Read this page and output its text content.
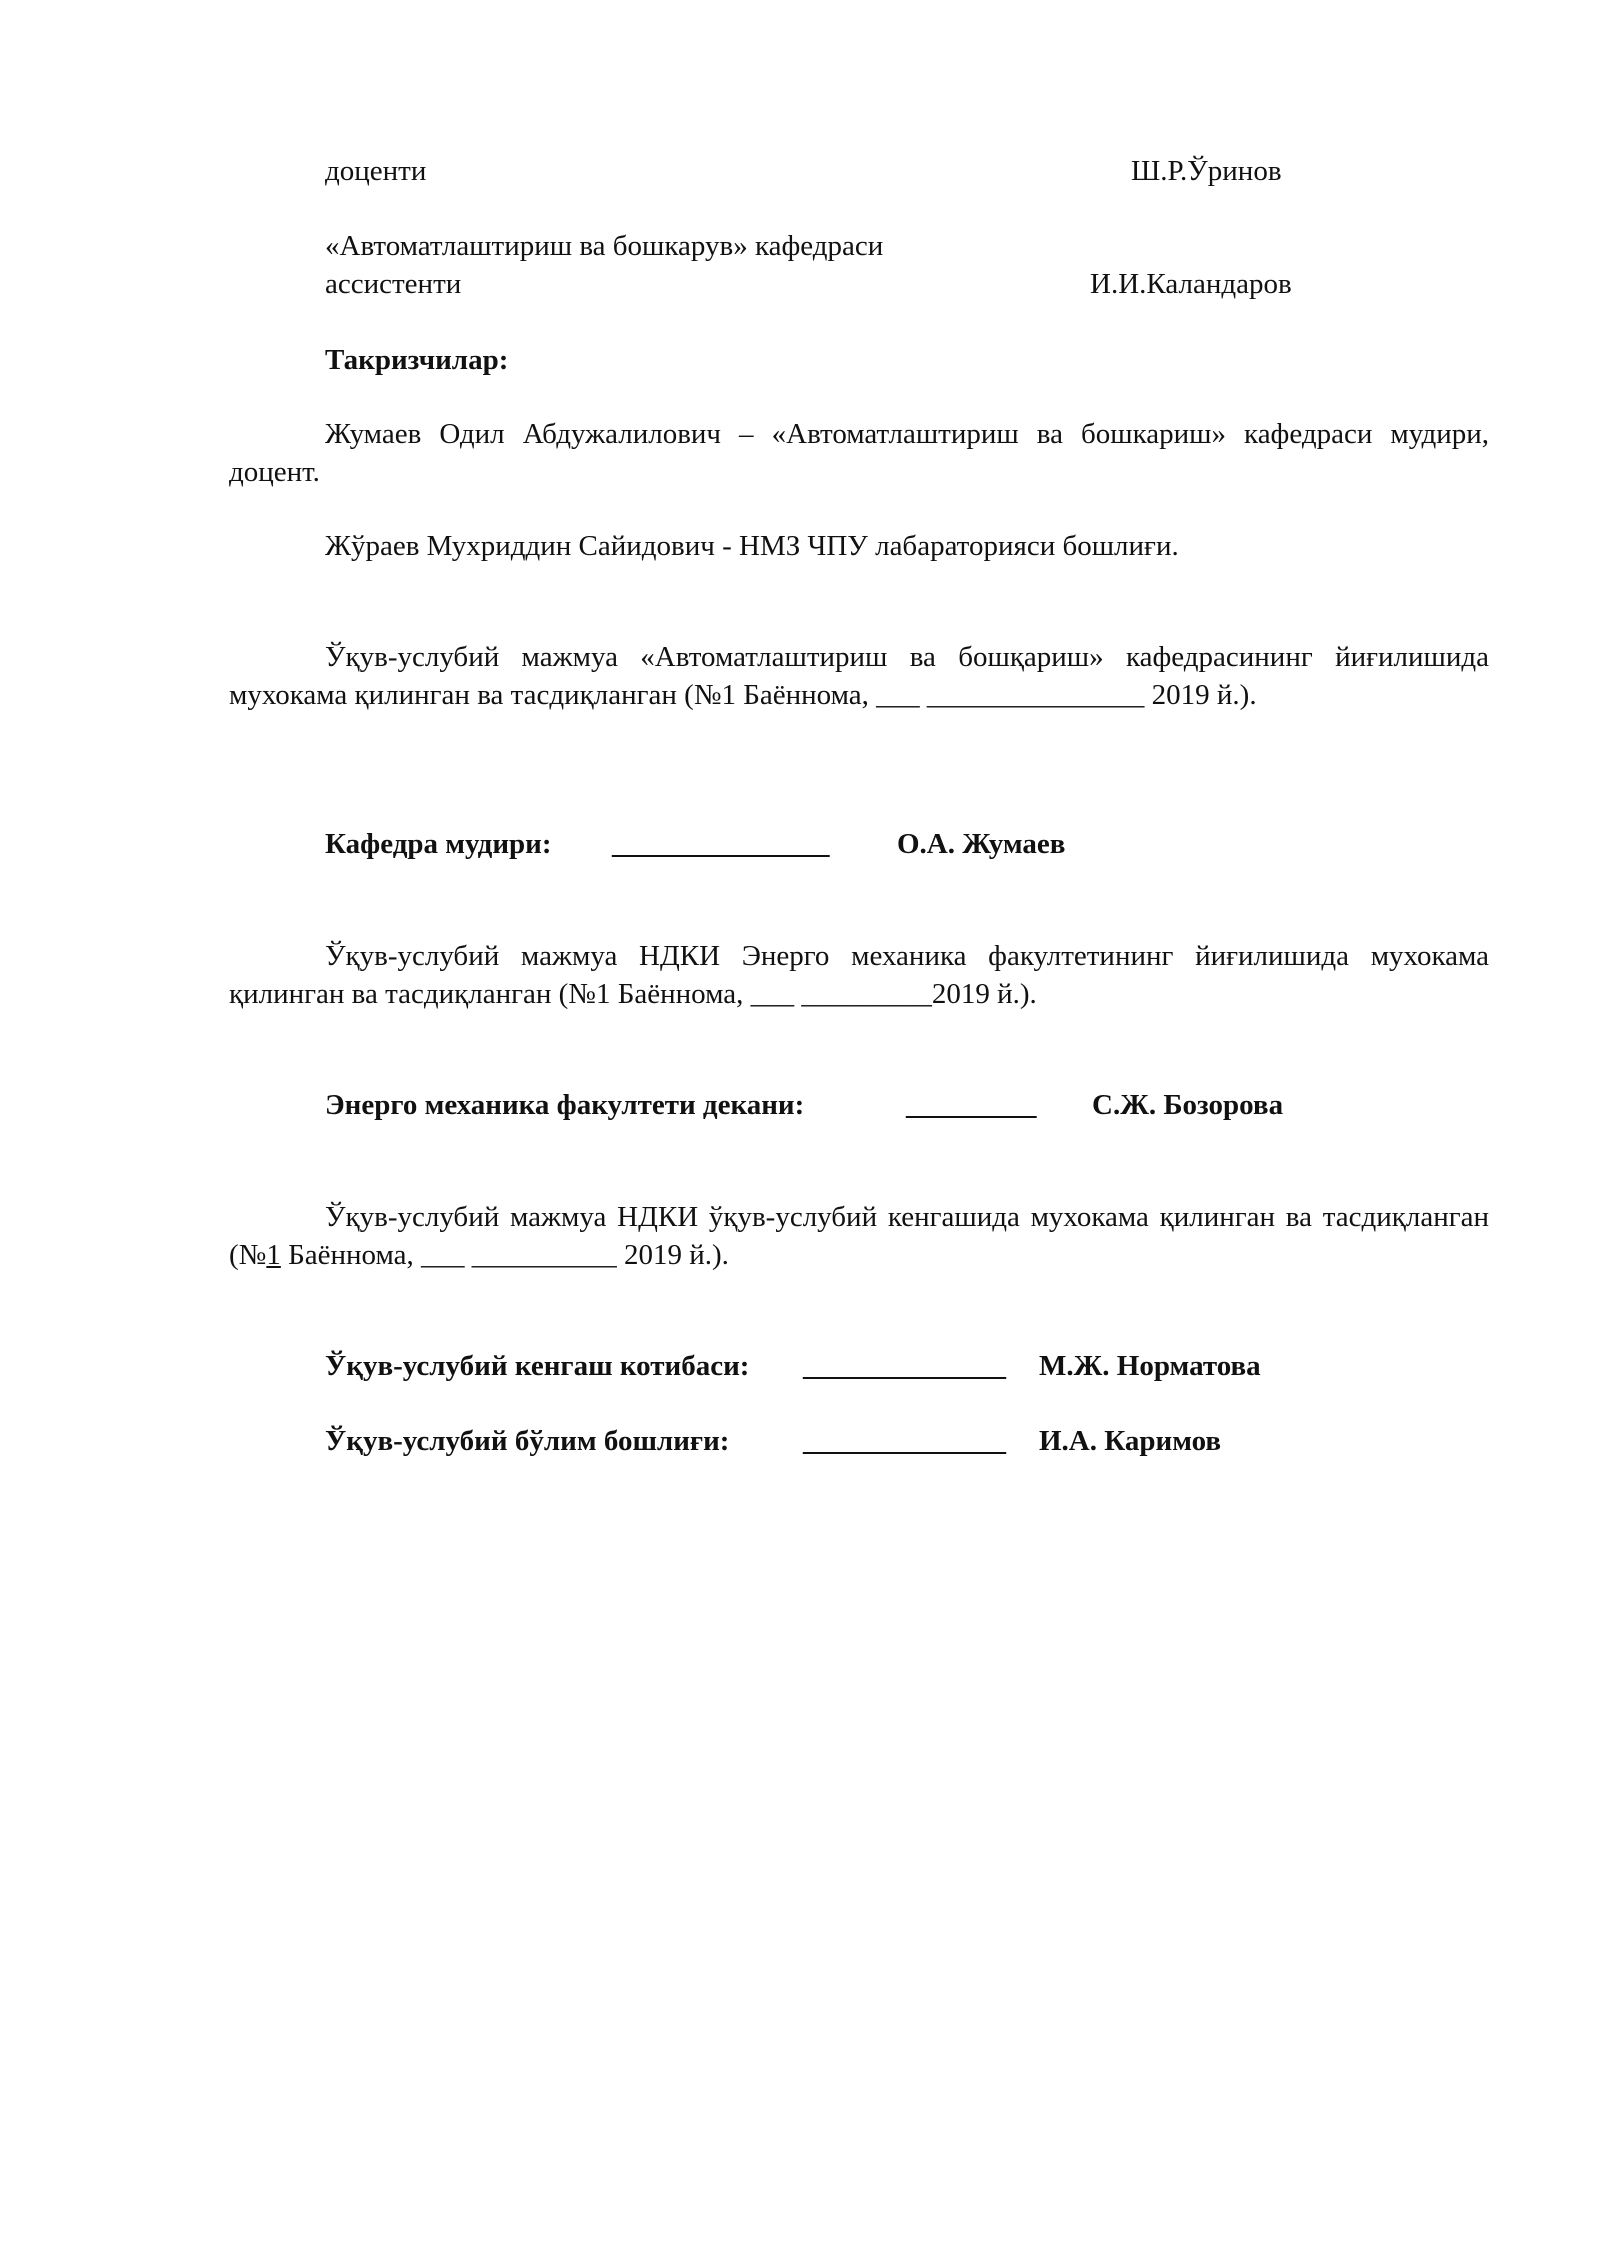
доценти	Ш.Р.Ўринов
«Автоматлаштириш ва бошкарув» кафедраси
ассистенти	И.И.Каландаров
Такризчилар:
Жумаев Одил Абдужалилович – «Автоматлаштириш ва бошкариш» кафедраси мудири, доцент.
Жўраев Мухриддин Сайидович - НМЗ ЧПУ лабараторияси бошлиғи.
Ўқув-услубий мажмуа «Автоматлаштириш ва бошқариш» кафедрасининг йиғилишида мухокама қилинган ва тасдиқланган (№1 Баённома, ___ _______________ 2019 й.).
Кафедра мудири: _______________ О.А. Жумаев
Ўқув-услубий мажмуа НДКИ Энерго механика факултетининг йиғилишида мухокама қилинган ва тасдиқланган (№1 Баённома, ___ _________2019 й.).
Энерго механика факултети декани:	_________ С.Ж. Бозорова
Ўқув-услубий мажмуа НДКИ ўқув-услубий кенгашида мухокама қилинган ва тасдиқланган (№1 Баённома, ___ __________ 2019 й.).
Ўқув-услубий кенгаш котибаси: ______________ М.Ж. Норматова
Ўқув-услубий бўлим бошлиғи:	______________ И.А. Каримов
